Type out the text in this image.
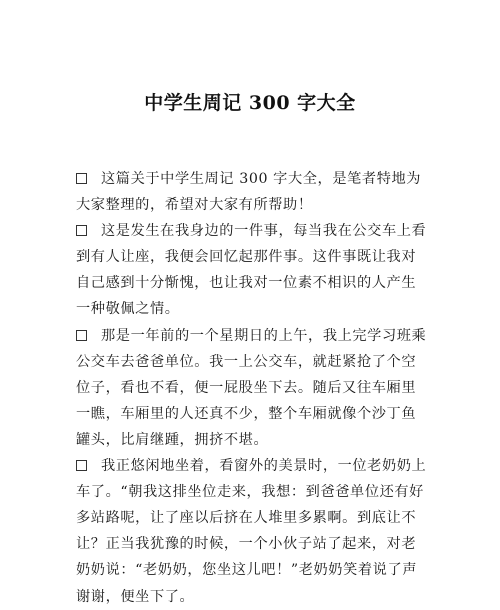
中学生周记 300 字大全

这篇关于中学生周记 300 字大全，是笔者特地为大家整理的，希望对大家有所帮助！

这是发生在我身边的一件事，每当我在公交车上看到有人让座，我便会回忆起那件事。这件事既让我对自己感到十分惭愧，也让我对一位素不相识的人产生一种敬佩之情。

那是一年前的一个星期日的上午，我上完学习班乘公交车去爸爸单位。我一上公交车，就赶紧抢了个空位子，看也不看，便一屁股坐下去。随后又往车厢里一瞧，车厢里的人还真不少，整个车厢就像个沙丁鱼罐头，比肩继踵，拥挤不堪。

我正悠闲地坐着，看窗外的美景时，一位老奶奶上车了。“朝我这排坐位走来，我想：到爸爸单位还有好多站路呢，让了座以后挤在人堆里多累啊。到底让不让？正当我犹豫的时候，一个小伙子站了起来，对老奶奶说：“老奶奶，您坐这儿吧！”老奶奶笑着说了声谢谢，便坐下了。
